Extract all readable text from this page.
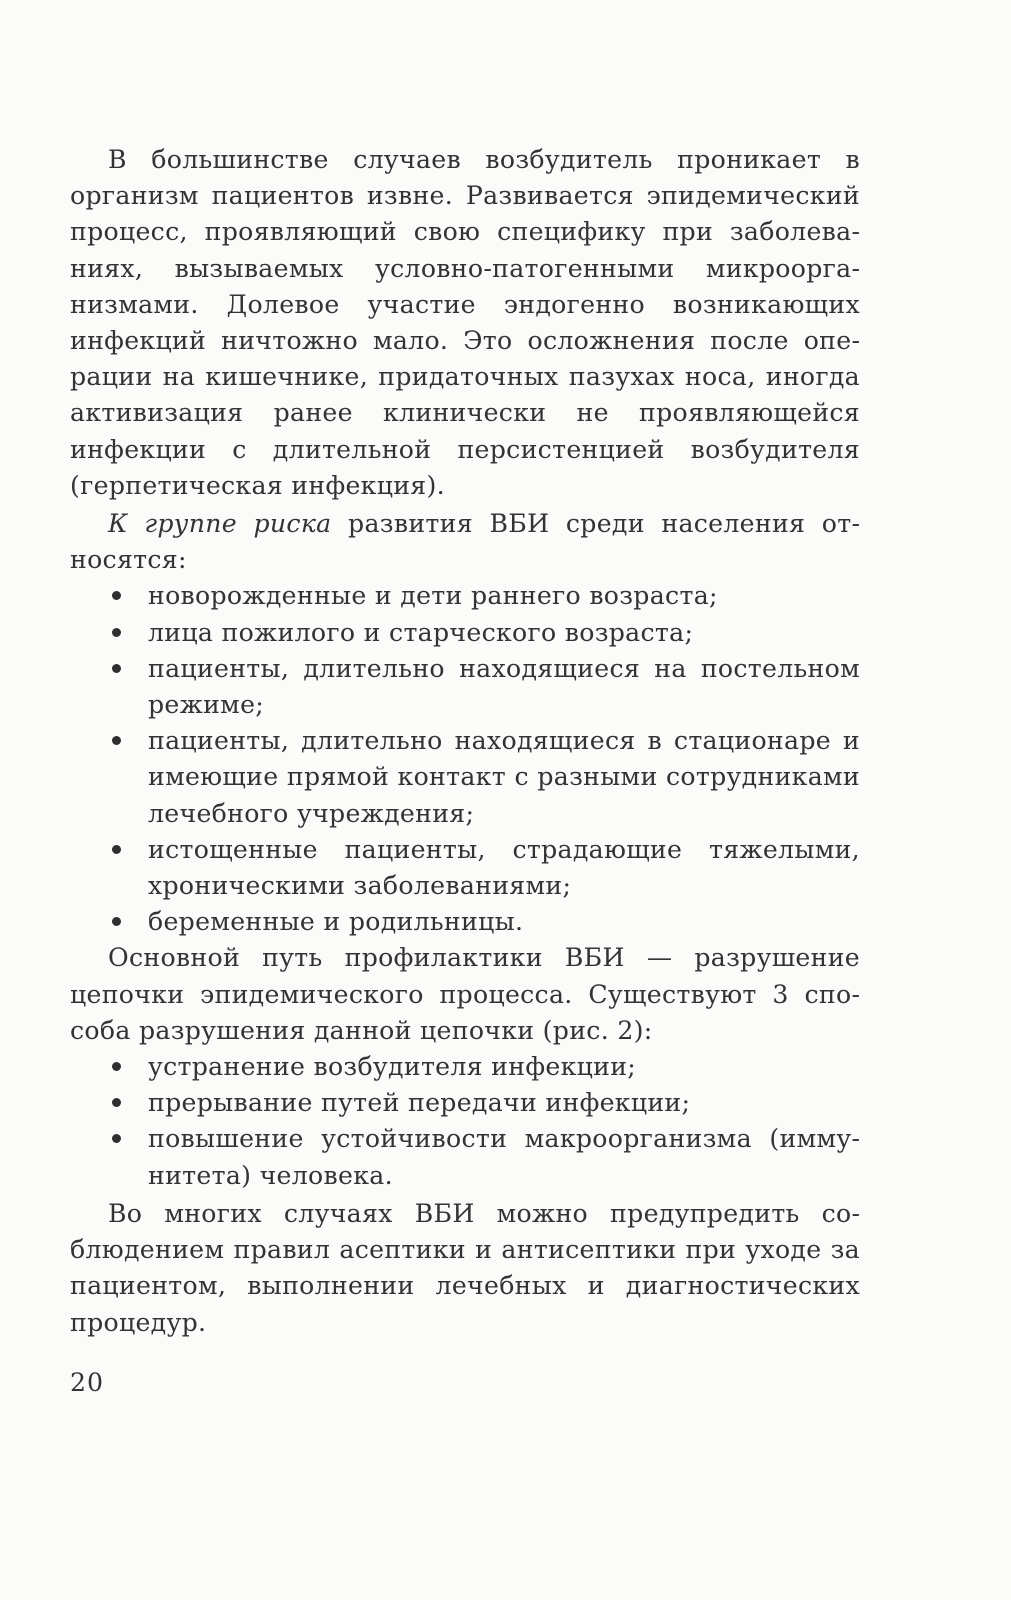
В большинстве случаев возбудитель проникает в организм пациентов извне. Развивается эпидемический процесс, проявляющий свою специфику при заболеваниях, вызываемых условно-патогенными микроорганизмами. Долевое участие эндогенно возникающих инфекций ничтожно мало. Это осложнения после операции на кишечнике, придаточных пазухах носа, иногда активизация ранее клинически не проявляющейся инфекции с длительной персистенцией возбудителя (герпетическая инфекция).

К группе риска развития ВБИ среди населения относятся:

новорожденные и дети раннего возраста;
лица пожилого и старческого возраста;
пациенты, длительно находящиеся на постельном режиме;
пациенты, длительно находящиеся в стационаре и имеющие прямой контакт с разными сотрудниками лечебного учреждения;
истощенные пациенты, страдающие тяжелыми, хроническими заболеваниями;
беременные и родильницы.

Основной путь профилактики ВБИ — разрушение цепочки эпидемического процесса. Существуют 3 способа разрушения данной цепочки (рис. 2):

устранение возбудителя инфекции;
прерывание путей передачи инфекции;
повышение устойчивости макроорганизма (иммунитета) человека.

Во многих случаях ВБИ можно предупредить соблюдением правил асептики и антисептики при уходе за пациентом, выполнении лечебных и диагностических процедур.

20
